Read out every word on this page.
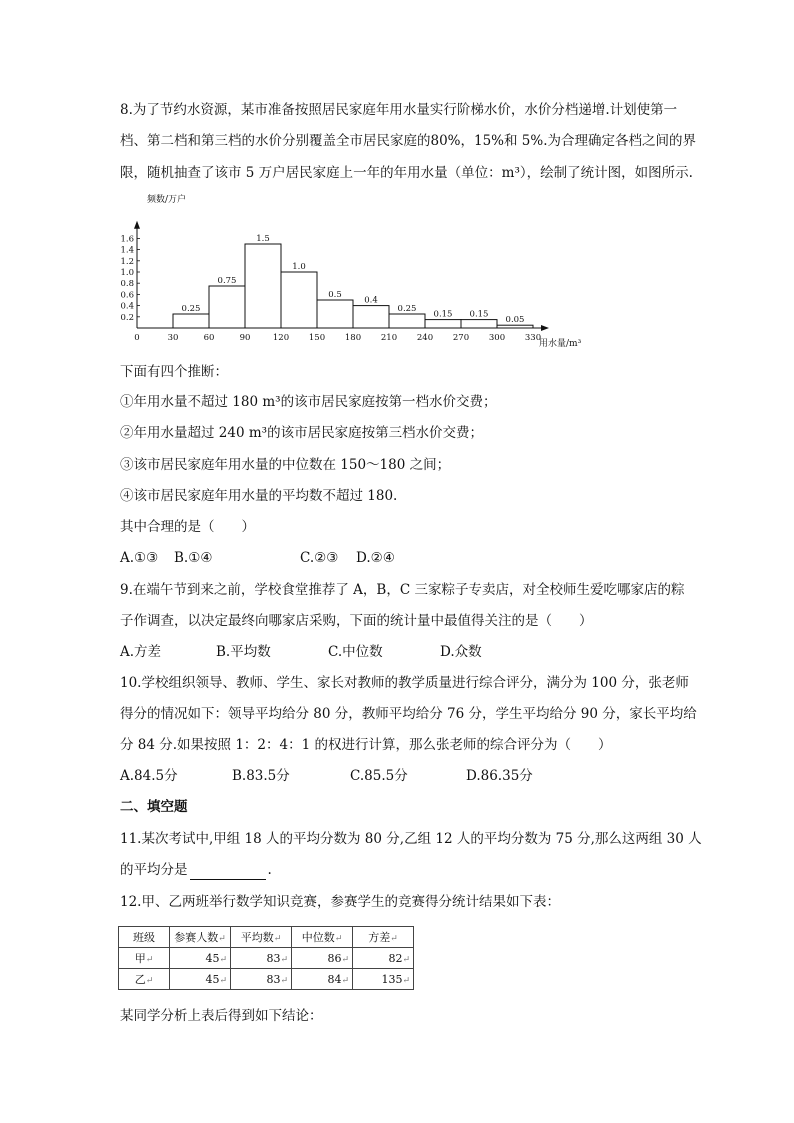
8.为了节约水资源，某市准备按照居民家庭年用水量实行阶梯水价，水价分档递增.计划使第一
档、第二档和第三档的水价分别覆盖全市居民家庭的80%，15%和 5%.为合理确定各档之间的界
限，随机抽查了该市 5 万户居民家庭上一年的年用水量（单位：m³），绘制了统计图，如图所示.
0.2
0.4
0.6
0.8
1.0
1.2
1.4
1.6
0	30	60	90	120 150 180 210 240 270 300 330
0.25
0.75
1.5
1.0
0.5
0.4
0.25
0.15 0.15
0.05
频数/万户
用水量/m³
下面有四个推断：
①年用水量不超过 180 m³的该市居民家庭按第一档水价交费；
②年用水量超过 240 m³的该市居民家庭按第三档水价交费；
③该市居民家庭年用水量的中位数在 150～180 之间；
④该市居民家庭年用水量的平均数不超过 180.
其中合理的是（　　）
A.①③ B.①④	C.②③ D.②④
9.在端午节到来之前，学校食堂推荐了 A，B，C 三家粽子专卖店，对全校师生爱吃哪家店的粽
子作调查，以决定最终向哪家店采购，下面的统计量中最值得关注的是（　　）
A.方差	B.平均数	C.中位数	D.众数
10.学校组织领导、教师、学生、家长对教师的教学质量进行综合评分，满分为 100 分，张老师
得分的情况如下：领导平均给分 80 分，教师平均给分 76 分，学生平均给分 90 分，家长平均给
分 84 分.如果按照 1：2：4：1 的权进行计算，那么张老师的综合评分为（　　）
A.84.5分	B.83.5分	C.85.5分	D.86.35分
二、填空题
11.某次考试中,甲组 18 人的平均分数为 80 分,乙组 12 人的平均分数为 75 分,那么这两组 30 人
的平均分是	.
12.甲、乙两班举行数学知识竞赛，参赛学生的竞赛得分统计结果如下表：
班级	参赛人数↵	平均数↵	中位数↵	方差↵
甲↵	45↵	83↵	86↵	82↵
乙↵	45↵	83↵	84↵	135↵
某同学分析上表后得到如下结论：
